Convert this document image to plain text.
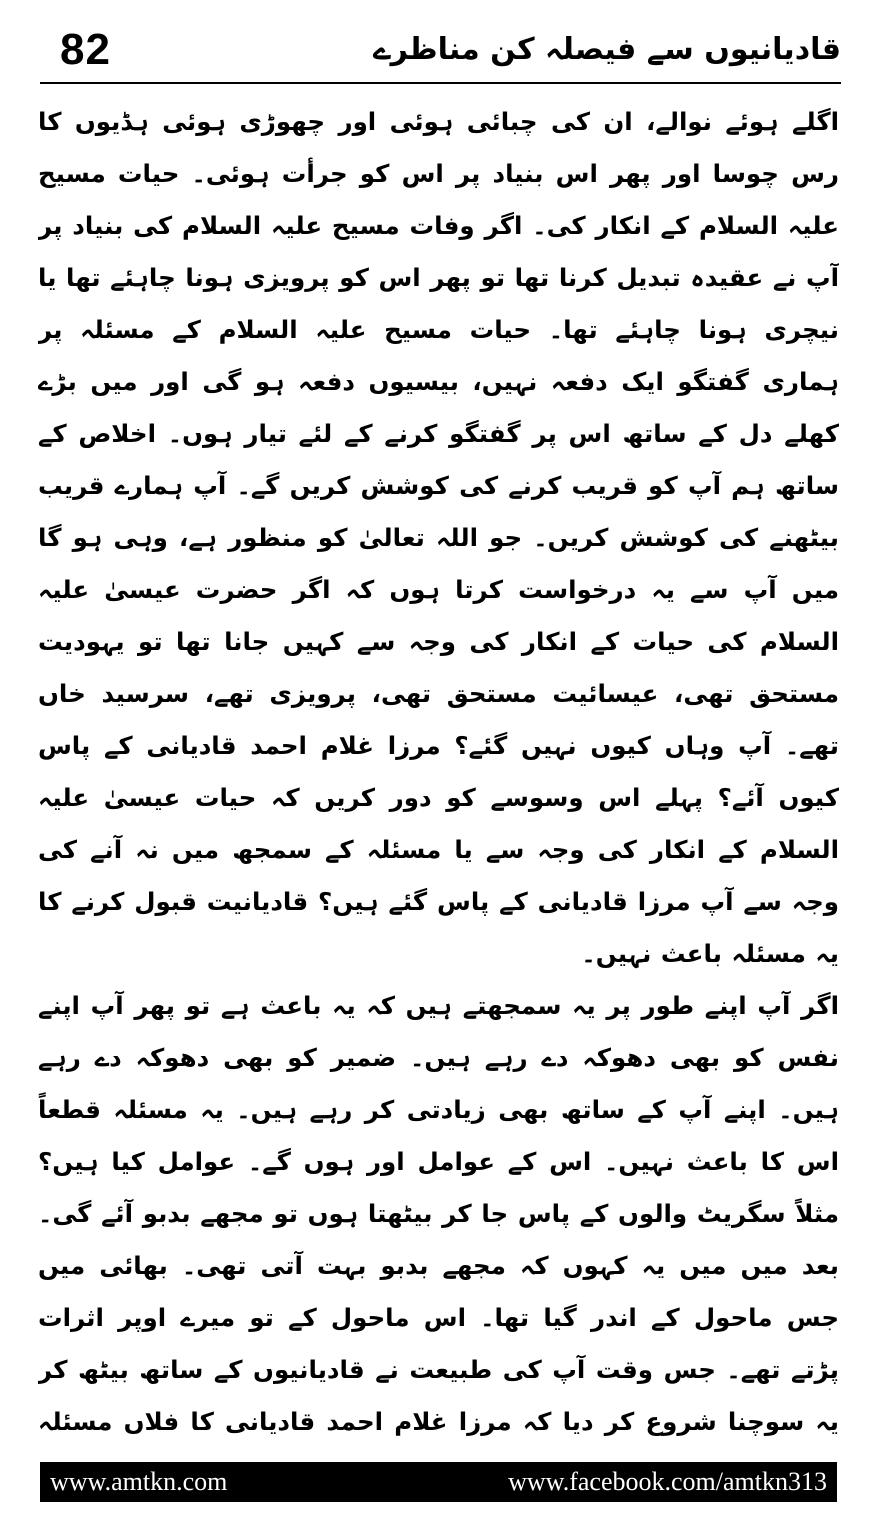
82	قادیانیوں سے فیصلہ کن مناظرے

اگلے ہوئے نوالے، ان کی چبائی ہوئی اور چھوڑی ہوئی ہڈیوں کا رس چوسا اور پھر اس بنیاد پر اس کو جرأت ہوئی۔ حیات مسیح علیہ السلام کے انکار کی۔ اگر وفات مسیح علیہ السلام کی بنیاد پر آپ نے عقیدہ تبدیل کرنا تھا تو پھر اس کو پرویزی ہونا چاہئے تھا یا نیچری ہونا چاہئے تھا۔ حیات مسیح علیہ السلام کے مسئلہ پر ہماری گفتگو ایک دفعہ نہیں، بیسیوں دفعہ ہو گی اور میں بڑے کھلے دل کے ساتھ اس پر گفتگو کرنے کے لئے تیار ہوں۔ اخلاص کے ساتھ ہم آپ کو قریب کرنے کی کوشش کریں گے۔ آپ ہمارے قریب بیٹھنے کی کوشش کریں۔ جو اللہ تعالیٰ کو منظور ہے، وہی ہو گا میں آپ سے یہ درخواست کرتا ہوں کہ اگر حضرت عیسیٰ علیہ السلام کی حیات کے انکار کی وجہ سے کہیں جانا تھا تو یہودیت مستحق تھی، عیسائیت مستحق تھی، پرویزی تھے، سرسید خاں تھے۔ آپ وہاں کیوں نہیں گئے؟ مرزا غلام احمد قادیانی کے پاس کیوں آئے؟ پہلے اس وسوسے کو دور کریں کہ حیات عیسیٰ علیہ السلام کے انکار کی وجہ سے یا مسئلہ کے سمجھ میں نہ آنے کی وجہ سے آپ مرزا قادیانی کے پاس گئے ہیں؟ قادیانیت قبول کرنے کا یہ مسئلہ باعث نہیں۔

اگر آپ اپنے طور پر یہ سمجھتے ہیں کہ یہ باعث ہے تو پھر آپ اپنے نفس کو بھی دھوکہ دے رہے ہیں۔ ضمیر کو بھی دھوکہ دے رہے ہیں۔ اپنے آپ کے ساتھ بھی زیادتی کر رہے ہیں۔ یہ مسئلہ قطعاً اس کا باعث نہیں۔ اس کے عوامل اور ہوں گے۔ عوامل کیا ہیں؟ مثلاً سگریٹ والوں کے پاس جا کر بیٹھتا ہوں تو مجھے بدبو آئے گی۔ بعد میں میں یہ کہوں کہ مجھے بدبو بہت آتی تھی۔ بھائی میں جس ماحول کے اندر گیا تھا۔ اس ماحول کے تو میرے اوپر اثرات پڑتے تھے۔ جس وقت آپ کی طبیعت نے قادیانیوں کے ساتھ بیٹھ کر یہ سوچنا شروع کر دیا کہ مرزا غلام احمد قادیانی کا فلاں مسئلہ

www.amtkn.com	www.facebook.com/amtkn313
